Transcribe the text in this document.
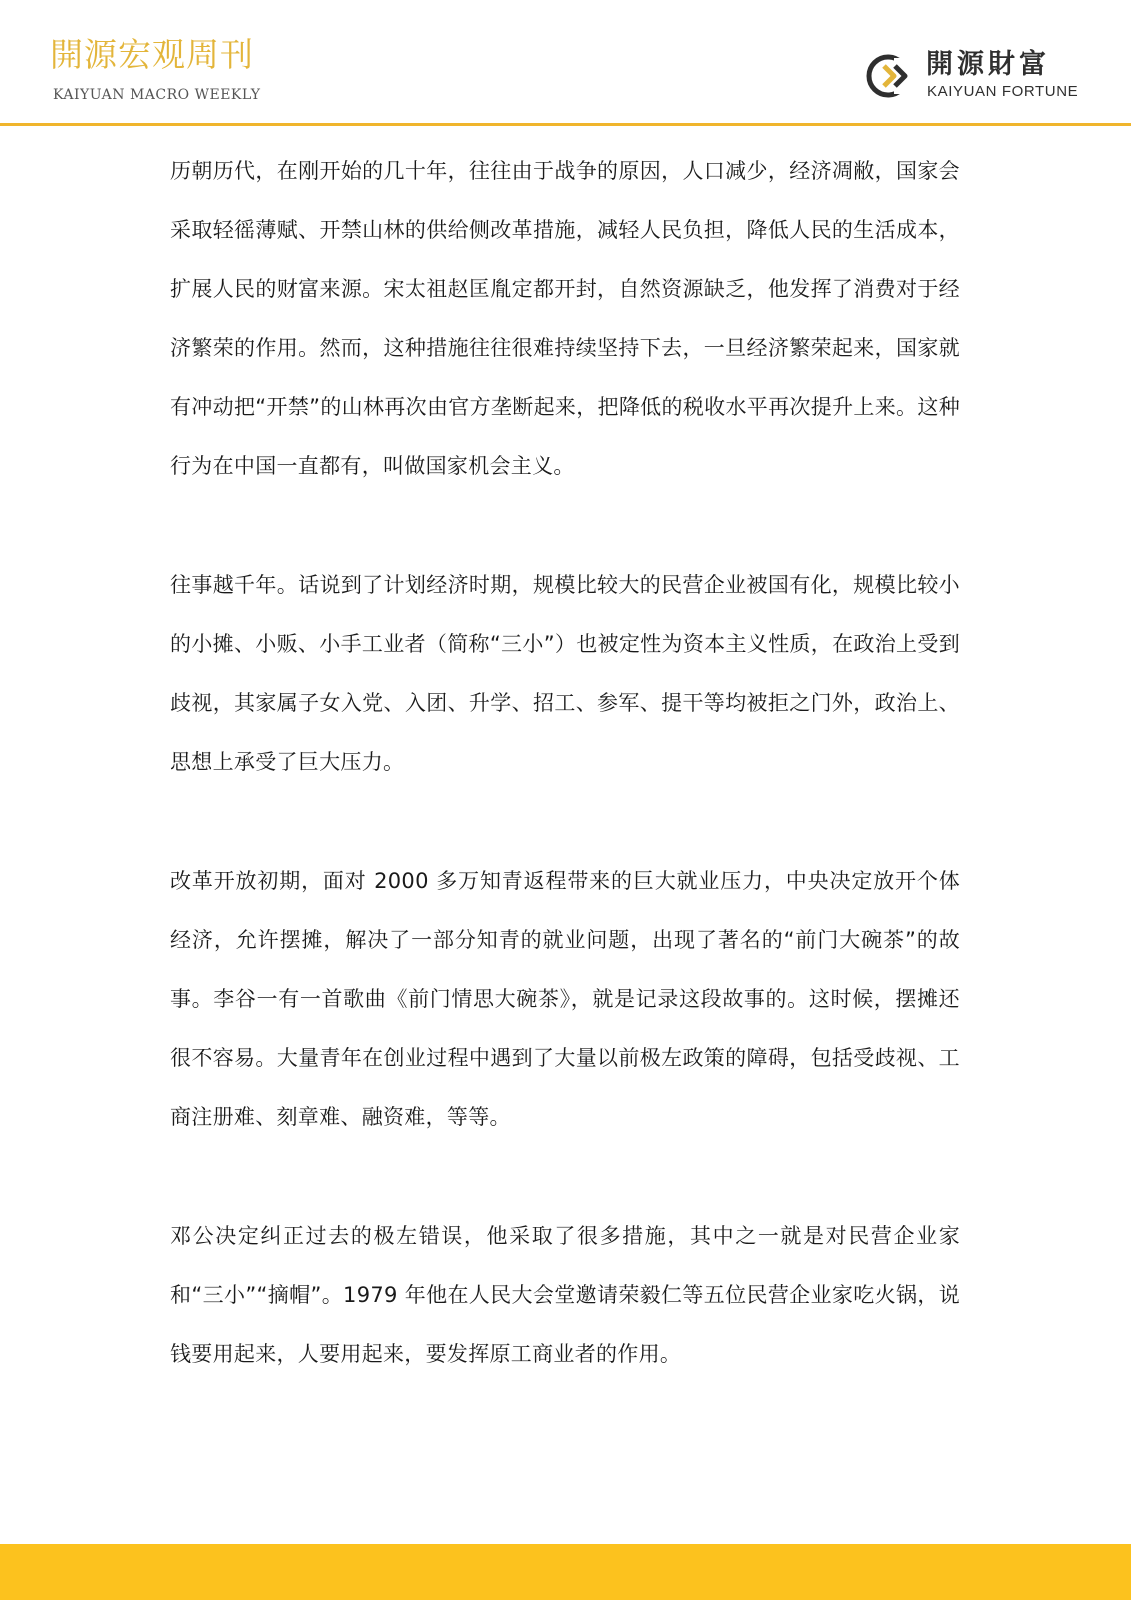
開源宏观周刊
KAIYUAN MACRO WEEKLY
開源財富
KAIYUAN FORTUNE

历朝历代，在刚开始的几十年，往往由于战争的原因，人口减少，经济凋敝，国家会采取轻徭薄赋、开禁山林的供给侧改革措施，减轻人民负担，降低人民的生活成本，扩展人民的财富来源。宋太祖赵匡胤定都开封，自然资源缺乏，他发挥了消费对于经济繁荣的作用。然而，这种措施往往很难持续坚持下去，一旦经济繁荣起来，国家就有冲动把“开禁”的山林再次由官方垄断起来，把降低的税收水平再次提升上来。这种行为在中国一直都有，叫做国家机会主义。

往事越千年。话说到了计划经济时期，规模比较大的民营企业被国有化，规模比较小的小摊、小贩、小手工业者（简称“三小”）也被定性为资本主义性质，在政治上受到歧视，其家属子女入党、入团、升学、招工、参军、提干等均被拒之门外，政治上、思想上承受了巨大压力。

改革开放初期，面对 2000 多万知青返程带来的巨大就业压力，中央决定放开个体经济，允许摆摊，解决了一部分知青的就业问题，出现了著名的“前门大碗茶”的故事。李谷一有一首歌曲《前门情思大碗茶》，就是记录这段故事的。这时候，摆摊还很不容易。大量青年在创业过程中遇到了大量以前极左政策的障碍，包括受歧视、工商注册难、刻章难、融资难，等等。

邓公决定纠正过去的极左错误，他采取了很多措施，其中之一就是对民营企业家和“三小”“摘帽”。1979 年他在人民大会堂邀请荣毅仁等五位民营企业家吃火锅，说钱要用起来，人要用起来，要发挥原工商业者的作用。
